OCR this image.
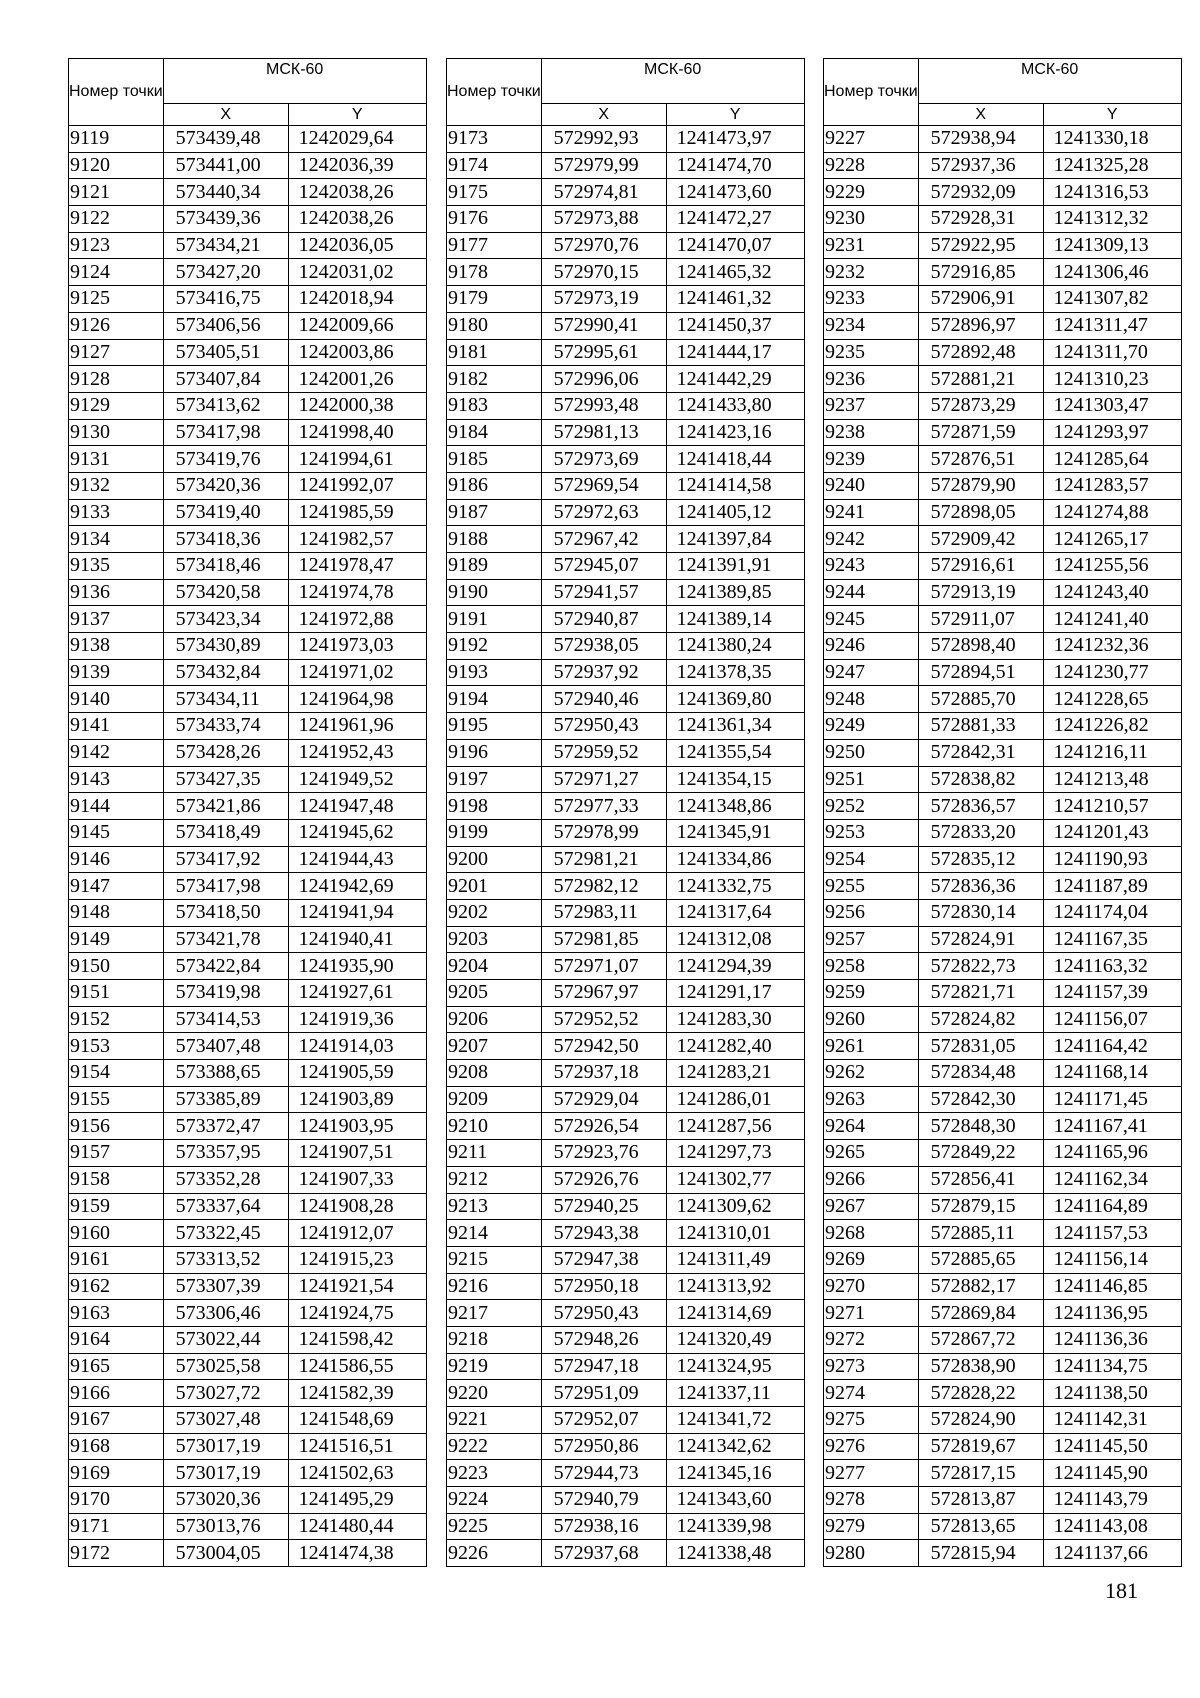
Номер точки	МСК-60	
	X	Y
9119	573439,48	1242029,64
9120	573441,00	1242036,39
9121	573440,34	1242038,26
9122	573439,36	1242038,26
9123	573434,21	1242036,05
9124	573427,20	1242031,02
9125	573416,75	1242018,94
9126	573406,56	1242009,66
9127	573405,51	1242003,86
9128	573407,84	1242001,26
9129	573413,62	1242000,38
9130	573417,98	1241998,40
9131	573419,76	1241994,61
9132	573420,36	1241992,07
9133	573419,40	1241985,59
9134	573418,36	1241982,57
9135	573418,46	1241978,47
9136	573420,58	1241974,78
9137	573423,34	1241972,88
9138	573430,89	1241973,03
9139	573432,84	1241971,02
9140	573434,11	1241964,98
9141	573433,74	1241961,96
9142	573428,26	1241952,43
9143	573427,35	1241949,52
9144	573421,86	1241947,48
9145	573418,49	1241945,62
9146	573417,92	1241944,43
9147	573417,98	1241942,69
9148	573418,50	1241941,94
9149	573421,78	1241940,41
9150	573422,84	1241935,90
9151	573419,98	1241927,61
9152	573414,53	1241919,36
9153	573407,48	1241914,03
9154	573388,65	1241905,59
9155	573385,89	1241903,89
9156	573372,47	1241903,95
9157	573357,95	1241907,51
9158	573352,28	1241907,33
9159	573337,64	1241908,28
9160	573322,45	1241912,07
9161	573313,52	1241915,23
9162	573307,39	1241921,54
9163	573306,46	1241924,75
9164	573022,44	1241598,42
9165	573025,58	1241586,55
9166	573027,72	1241582,39
9167	573027,48	1241548,69
9168	573017,19	1241516,51
9169	573017,19	1241502,63
9170	573020,36	1241495,29
9171	573013,76	1241480,44
9172	573004,05	1241474,38
Номер точки	МСК-60	
	X	Y
9173	572992,93	1241473,97
9174	572979,99	1241474,70
9175	572974,81	1241473,60
9176	572973,88	1241472,27
9177	572970,76	1241470,07
9178	572970,15	1241465,32
9179	572973,19	1241461,32
9180	572990,41	1241450,37
9181	572995,61	1241444,17
9182	572996,06	1241442,29
9183	572993,48	1241433,80
9184	572981,13	1241423,16
9185	572973,69	1241418,44
9186	572969,54	1241414,58
9187	572972,63	1241405,12
9188	572967,42	1241397,84
9189	572945,07	1241391,91
9190	572941,57	1241389,85
9191	572940,87	1241389,14
9192	572938,05	1241380,24
9193	572937,92	1241378,35
9194	572940,46	1241369,80
9195	572950,43	1241361,34
9196	572959,52	1241355,54
9197	572971,27	1241354,15
9198	572977,33	1241348,86
9199	572978,99	1241345,91
9200	572981,21	1241334,86
9201	572982,12	1241332,75
9202	572983,11	1241317,64
9203	572981,85	1241312,08
9204	572971,07	1241294,39
9205	572967,97	1241291,17
9206	572952,52	1241283,30
9207	572942,50	1241282,40
9208	572937,18	1241283,21
9209	572929,04	1241286,01
9210	572926,54	1241287,56
9211	572923,76	1241297,73
9212	572926,76	1241302,77
9213	572940,25	1241309,62
9214	572943,38	1241310,01
9215	572947,38	1241311,49
9216	572950,18	1241313,92
9217	572950,43	1241314,69
9218	572948,26	1241320,49
9219	572947,18	1241324,95
9220	572951,09	1241337,11
9221	572952,07	1241341,72
9222	572950,86	1241342,62
9223	572944,73	1241345,16
9224	572940,79	1241343,60
9225	572938,16	1241339,98
9226	572937,68	1241338,48
Номер точки	МСК-60	
	X	Y
9227	572938,94	1241330,18
9228	572937,36	1241325,28
9229	572932,09	1241316,53
9230	572928,31	1241312,32
9231	572922,95	1241309,13
9232	572916,85	1241306,46
9233	572906,91	1241307,82
9234	572896,97	1241311,47
9235	572892,48	1241311,70
9236	572881,21	1241310,23
9237	572873,29	1241303,47
9238	572871,59	1241293,97
9239	572876,51	1241285,64
9240	572879,90	1241283,57
9241	572898,05	1241274,88
9242	572909,42	1241265,17
9243	572916,61	1241255,56
9244	572913,19	1241243,40
9245	572911,07	1241241,40
9246	572898,40	1241232,36
9247	572894,51	1241230,77
9248	572885,70	1241228,65
9249	572881,33	1241226,82
9250	572842,31	1241216,11
9251	572838,82	1241213,48
9252	572836,57	1241210,57
9253	572833,20	1241201,43
9254	572835,12	1241190,93
9255	572836,36	1241187,89
9256	572830,14	1241174,04
9257	572824,91	1241167,35
9258	572822,73	1241163,32
9259	572821,71	1241157,39
9260	572824,82	1241156,07
9261	572831,05	1241164,42
9262	572834,48	1241168,14
9263	572842,30	1241171,45
9264	572848,30	1241167,41
9265	572849,22	1241165,96
9266	572856,41	1241162,34
9267	572879,15	1241164,89
9268	572885,11	1241157,53
9269	572885,65	1241156,14
9270	572882,17	1241146,85
9271	572869,84	1241136,95
9272	572867,72	1241136,36
9273	572838,90	1241134,75
9274	572828,22	1241138,50
9275	572824,90	1241142,31
9276	572819,67	1241145,50
9277	572817,15	1241145,90
9278	572813,87	1241143,79
9279	572813,65	1241143,08
9280	572815,94	1241137,66
181
